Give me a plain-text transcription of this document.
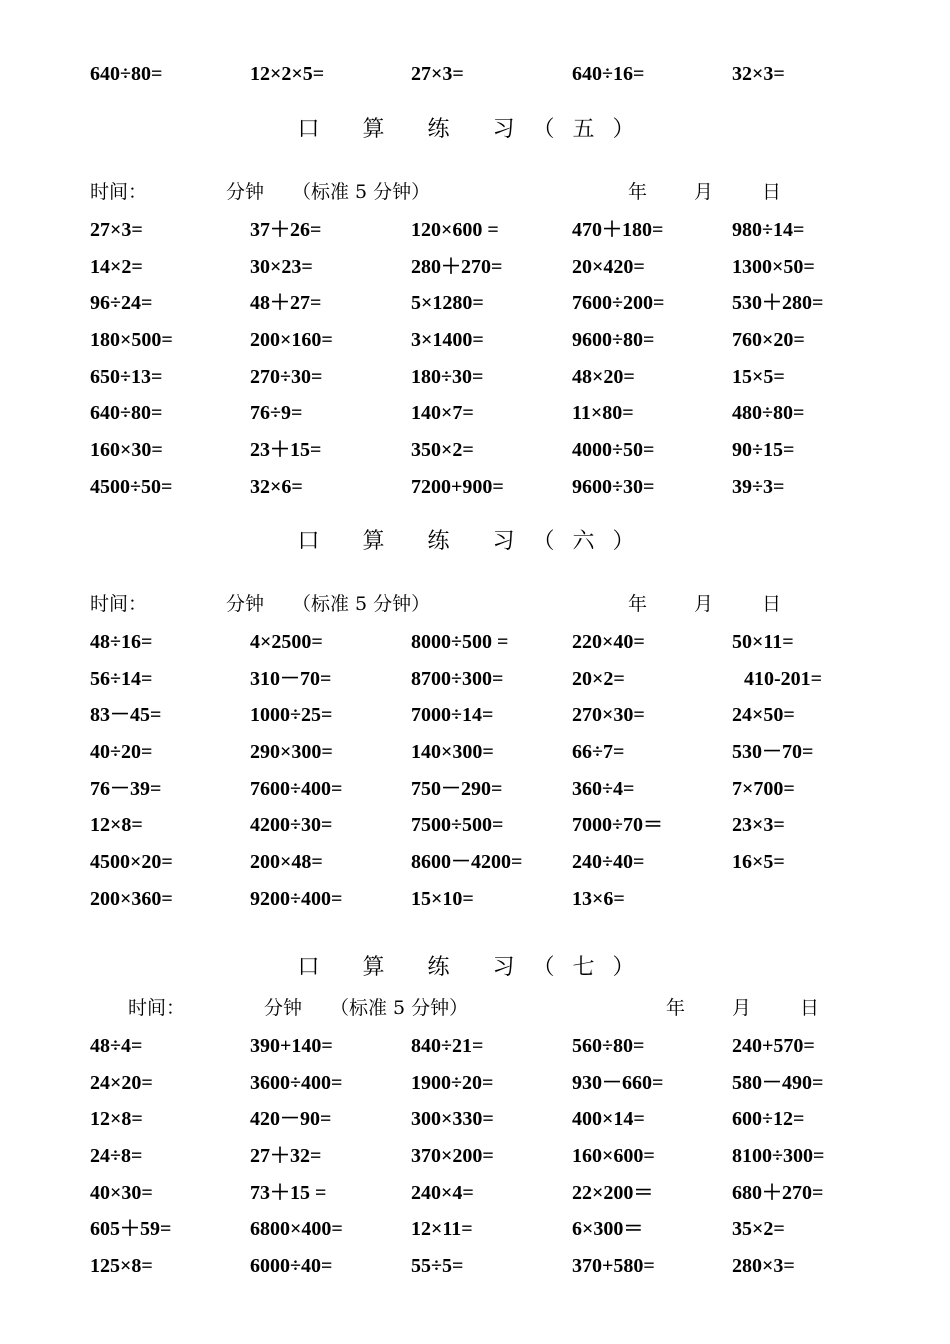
640÷80=	12×2×5=	27×3=	640÷16=	32×3=
口 算 练 习（五）
时间：	分钟 （标准 5 分钟）	年 月	日
27×3=	37＋26=	120×600 =	470＋180=	980÷14=
14×2=	30×23=	280＋270=	20×420=	1300×50=
96÷24=	48＋27=	5×1280=	7600÷200=	530＋280=
180×500=	200×160=	3×1400=	9600÷80=	760×20=
650÷13=	270÷30=	180÷30=	48×20=	15×5=
640÷80=	76÷9=	140×7=	11×80=	480÷80=
160×30=	23＋15=	350×2=	4000÷50=	90÷15=
4500÷50=	32×6=	7200+900=	9600÷30=	39÷3=
口 算 练 习（六）
时间：	分钟 （标准 5 分钟）	年 月	日
48÷16=	4×2500=	8000÷500 =	220×40=	50×11=
56÷14=	310－70=	8700÷300=	20×2=	410-201=
83－45=	1000÷25=	7000÷14=	270×30=	24×50=
40÷20=	290×300=	140×300=	66÷7=	530－70=
76－39=	7600÷400=	750－290=	360÷4=	7×700=
12×8=	4200÷30=	7500÷500=	7000÷70＝	23×3=
4500×20=	200×48=	8600－4200= 240÷40=	16×5=
200×360=	9200÷400=	15×10=	13×6=
口 算 练 习（七）
时间：	分钟 （标准 5 分钟）	年 月	日
48÷4=	390+140=	840÷21=	560÷80=	240+570=
24×20=	3600÷400=	1900÷20=	930－660=	580－490=
12×8=	420－90=	300×330=	400×14=	600÷12=
24÷8=	27＋32=	370×200=	160×600=	8100÷300=
40×30=	73＋15 =	240×4=	22×200＝	680＋270=
605＋59=	6800×400=	12×11=	6×300＝	35×2=
125×8=	6000÷40=	55÷5=	370+580=	280×3=
